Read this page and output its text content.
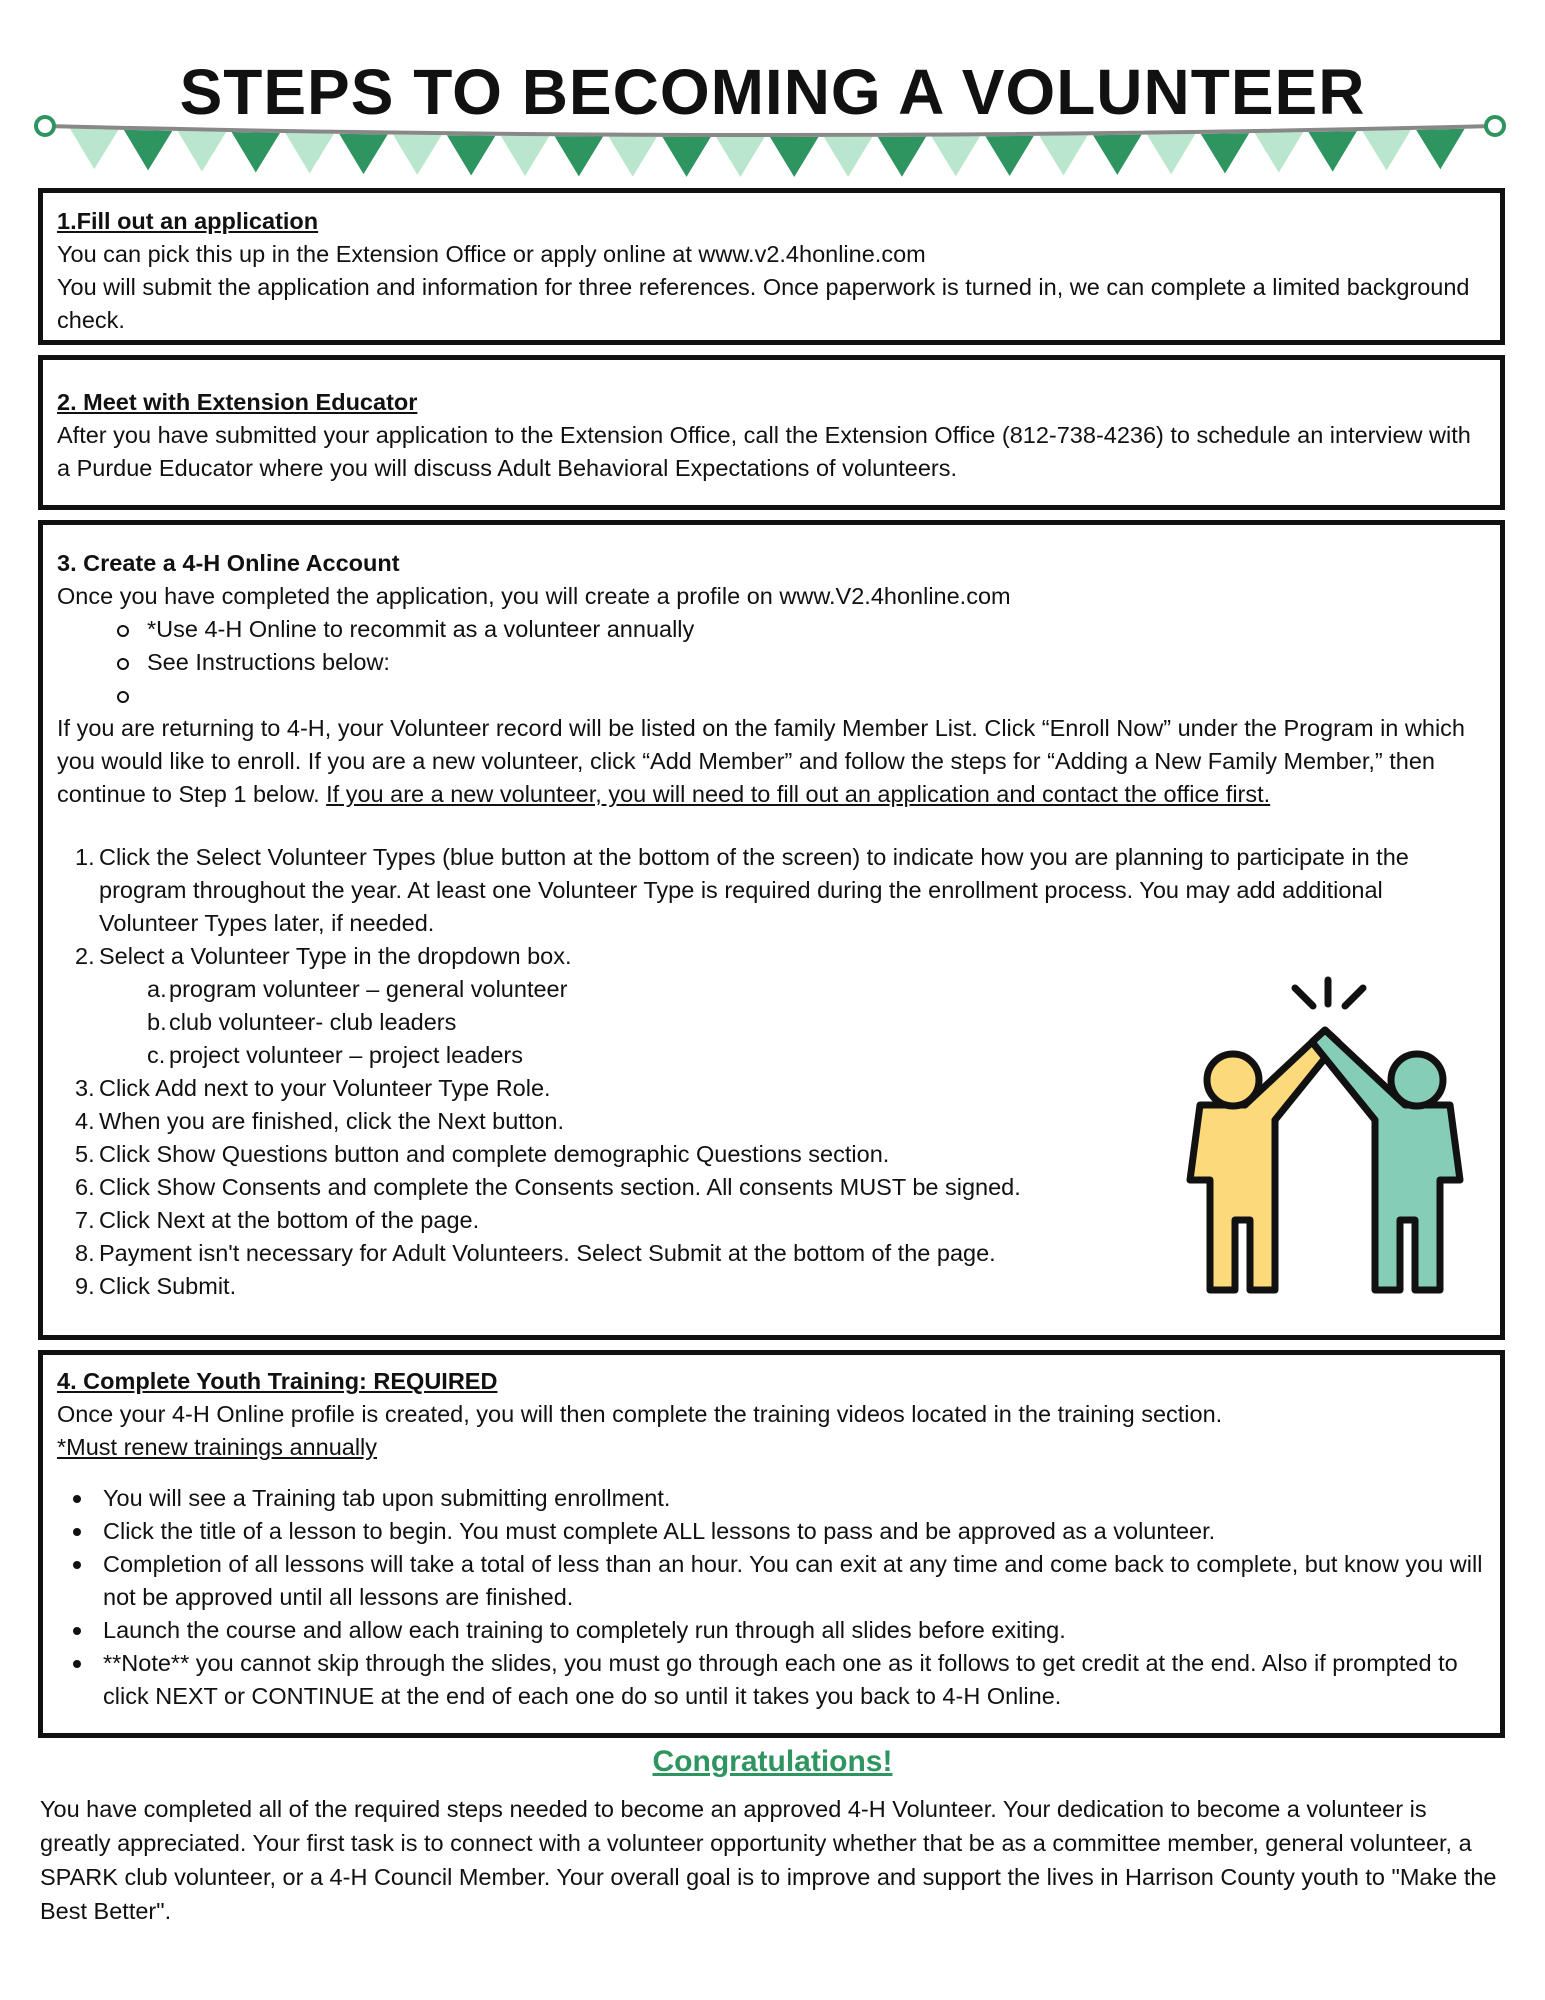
STEPS TO BECOMING A VOLUNTEER
1.Fill out an application

You can pick this up in the Extension Office or apply online at www.v2.4honline.com

You will submit the application and information for three references. Once paperwork is turned in, we can complete a limited background check.

2. Meet with Extension Educator

After you have submitted your application to the Extension Office, call the Extension Office (812-738-4236) to schedule an interview with a Purdue Educator where you will discuss Adult Behavioral Expectations of volunteers.

3. Create a 4-H Online Account

Once you have completed the application, you will create a profile on www.V2.4honline.com

*Use 4-H Online to recommit as a volunteer annually
See Instructions below:

If you are returning to 4-H, your Volunteer record will be listed on the family Member List. Click “Enroll Now” under the Program in which you would like to enroll. If you are a new volunteer, click “Add Member” and follow the steps for “Adding a New Family Member,” then continue to Step 1 below. If you are a new volunteer, you will need to fill out an application and contact the office first.

1. Click the Select Volunteer Types (blue button at the bottom of the screen) to indicate how you are planning to participate in the program throughout the year. At least one Volunteer Type is required during the enrollment process. You may add additional Volunteer Types later, if needed.
2. Select a Volunteer Type in the dropdown box.
a. program volunteer – general volunteer
b. club volunteer- club leaders
c. project volunteer – project leaders
3. Click Add next to your Volunteer Type Role.
4. When you are finished, click the Next button.
5. Click Show Questions button and complete demographic Questions section.
6. Click Show Consents and complete the Consents section. All consents MUST be signed.
7. Click Next at the bottom of the page.
8. Payment isn't necessary for Adult Volunteers. Select Submit at the bottom of the page.
9. Click Submit.
4. Complete Youth Training: REQUIRED

Once your 4-H Online profile is created, you will then complete the training videos located in the training section.

*Must renew trainings annually

You will see a Training tab upon submitting enrollment.
Click the title of a lesson to begin. You must complete ALL lessons to pass and be approved as a volunteer.
Completion of all lessons will take a total of less than an hour. You can exit at any time and come back to complete, but know you will not be approved until all lessons are finished.
Launch the course and allow each training to completely run through all slides before exiting.
**Note** you cannot skip through the slides, you must go through each one as it follows to get credit at the end. Also if prompted to click NEXT or CONTINUE at the end of each one do so until it takes you back to 4-H Online.
Congratulations!

You have completed all of the required steps needed to become an approved 4-H Volunteer. Your dedication to become a volunteer is greatly appreciated. Your first task is to connect with a volunteer opportunity whether that be as a committee member, general volunteer, a SPARK club volunteer, or a 4-H Council Member. Your overall goal is to improve and support the lives in Harrison County youth to "Make the Best Better".
